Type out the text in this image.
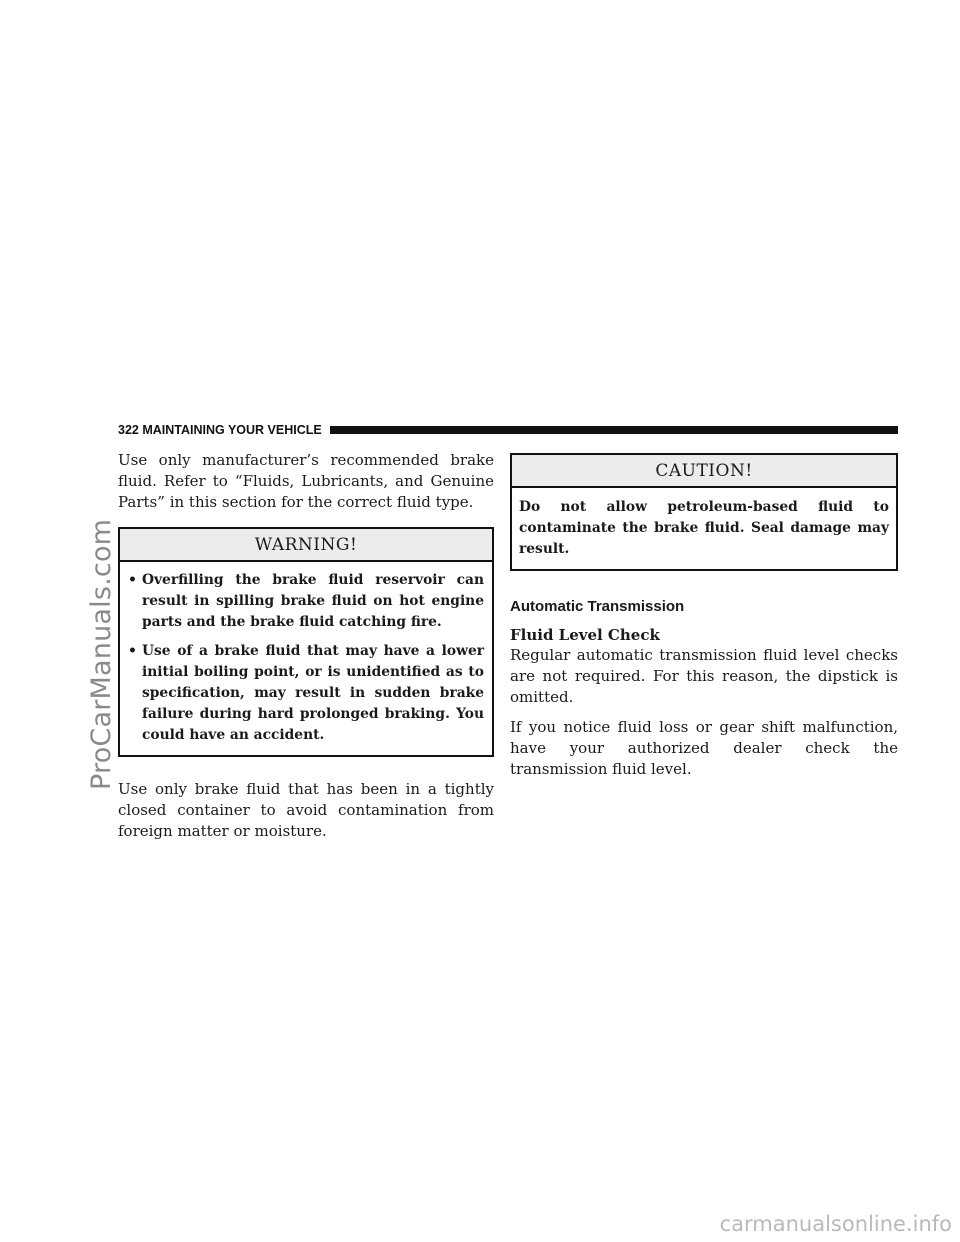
ProCarManuals.com
322 MAINTAINING YOUR VEHICLE

Use only manufacturer’s recommended brake fluid. Refer to “Fluids, Lubricants, and Genuine Parts” in this section for the correct fluid type.

WARNING!
• Overfilling the brake fluid reservoir can result in spilling brake fluid on hot engine parts and the brake fluid catching fire.

• Use of a brake fluid that may have a lower initial boiling point, or is unidentified as to specification, may result in sudden brake failure during hard prolonged braking. You could have an accident.

Use only brake fluid that has been in a tightly closed container to avoid contamination from foreign matter or moisture.

CAUTION!

Do not allow petroleum-based fluid to contaminate the brake fluid. Seal damage may result.

Automatic Transmission
Fluid Level Check

Regular automatic transmission fluid level checks are not required. For this reason, the dipstick is omitted.

If you notice fluid loss or gear shift malfunction, have your authorized dealer check the transmission fluid level.

carmanualsonline.info
